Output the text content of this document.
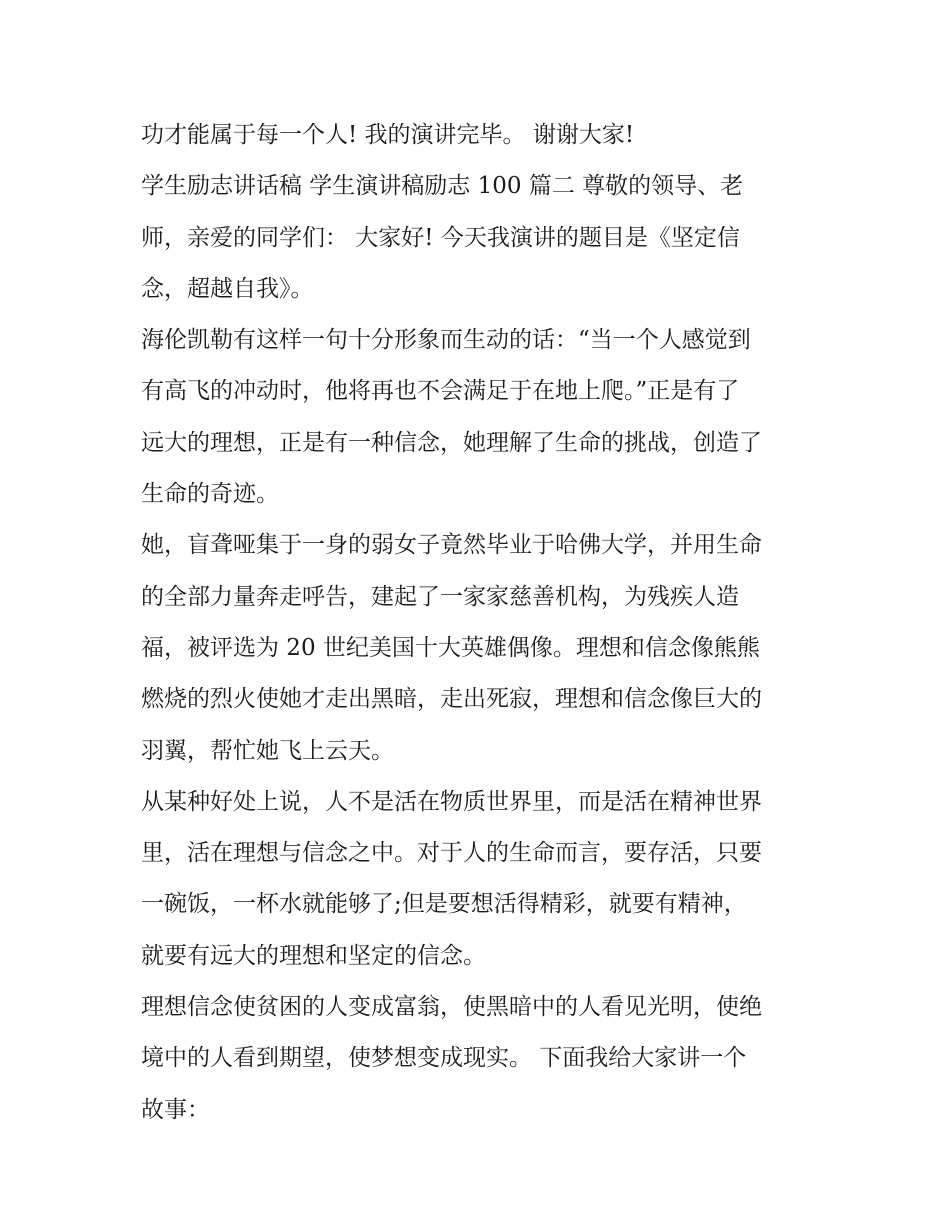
功才能属于每一个人! 我的演讲完毕。 谢谢大家!
学生励志讲话稿 学生演讲稿励志 100 篇二 尊敬的领导、老
师，亲爱的同学们： 大家好! 今天我演讲的题目是《坚定信
念，超越自我》。
海伦凯勒有这样一句十分形象而生动的话：“当一个人感觉到
有高飞的冲动时，他将再也不会满足于在地上爬。”正是有了
远大的理想，正是有一种信念，她理解了生命的挑战，创造了
生命的奇迹。
她，盲聋哑集于一身的弱女子竟然毕业于哈佛大学，并用生命
的全部力量奔走呼告，建起了一家家慈善机构，为残疾人造
福，被评选为 20 世纪美国十大英雄偶像。理想和信念像熊熊
燃烧的烈火使她才走出黑暗，走出死寂，理想和信念像巨大的
羽翼，帮忙她飞上云天。
从某种好处上说，人不是活在物质世界里，而是活在精神世界
里，活在理想与信念之中。对于人的生命而言，要存活，只要
一碗饭，一杯水就能够了;但是要想活得精彩，就要有精神，
就要有远大的理想和坚定的信念。
理想信念使贫困的人变成富翁，使黑暗中的人看见光明，使绝
境中的人看到期望，使梦想变成现实。 下面我给大家讲一个
故事：
